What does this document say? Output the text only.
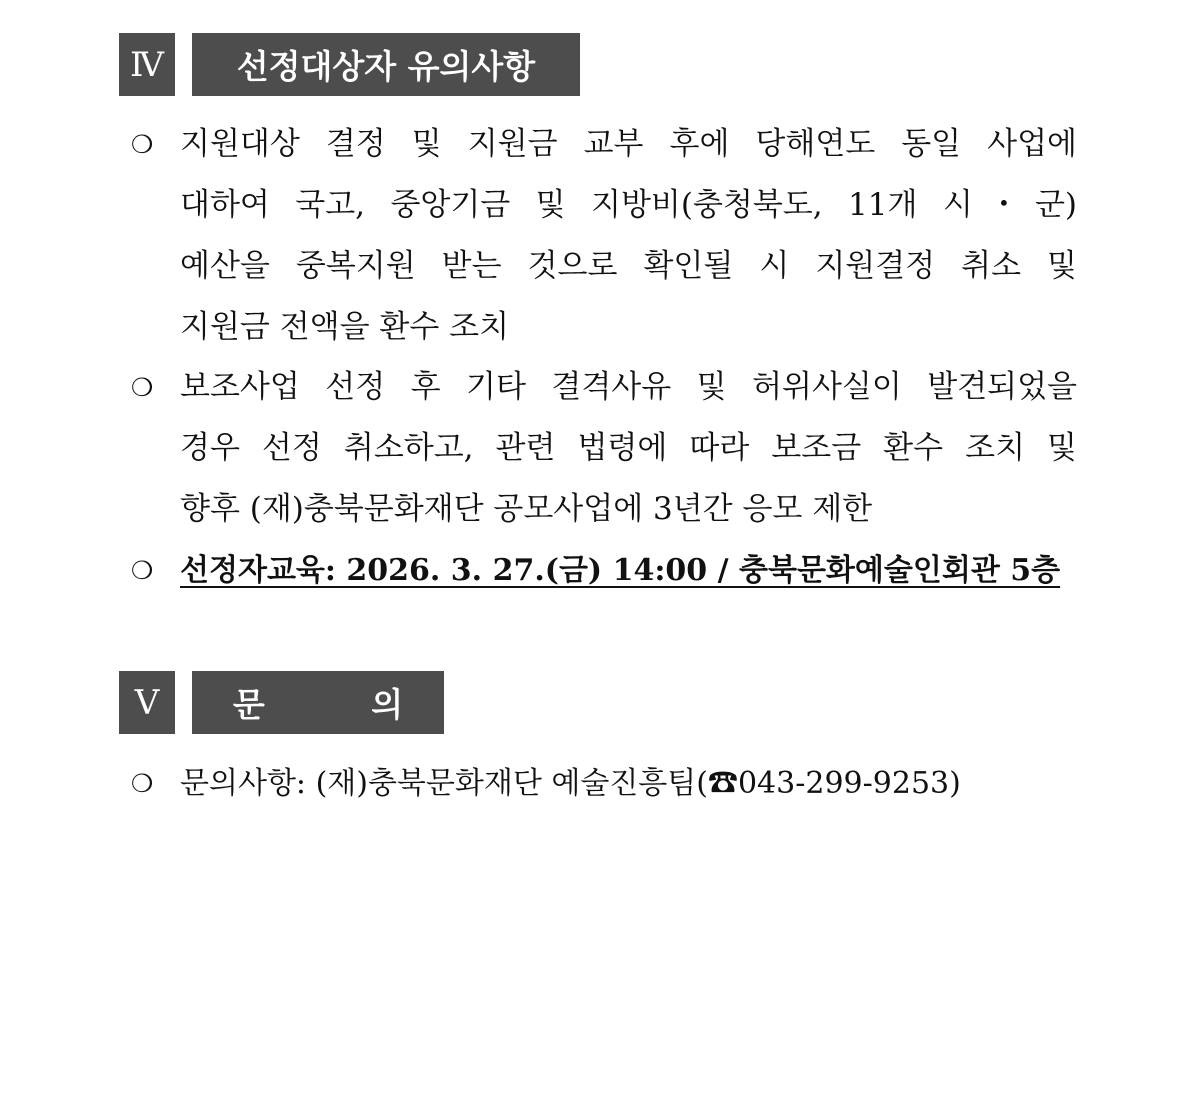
Ⅳ	선정대상자 유의사항
❍ 지원대상 결정 및 지원금 교부 후에 당해연도 동일 사업에
대하여 국고, 중앙기금 및 지방비(충청북도, 11개 시・군)
예산을 중복지원 받는 것으로 확인될 시 지원결정 취소 및
지원금 전액을 환수 조치
❍ 보조사업 선정 후 기타 결격사유 및 허위사실이 발견되었을
경우 선정 취소하고, 관련 법령에 따라 보조금 환수 조치 및
향후 (재)충북문화재단 공모사업에 3년간 응모 제한
❍ 선정자교육: 2026. 3. 27.(금) 14:00 / 충북문화예술인회관 5층
Ⅴ	문 의
❍ 문의사항: (재)충북문화재단 예술진흥팀(☎043-299-9253)
